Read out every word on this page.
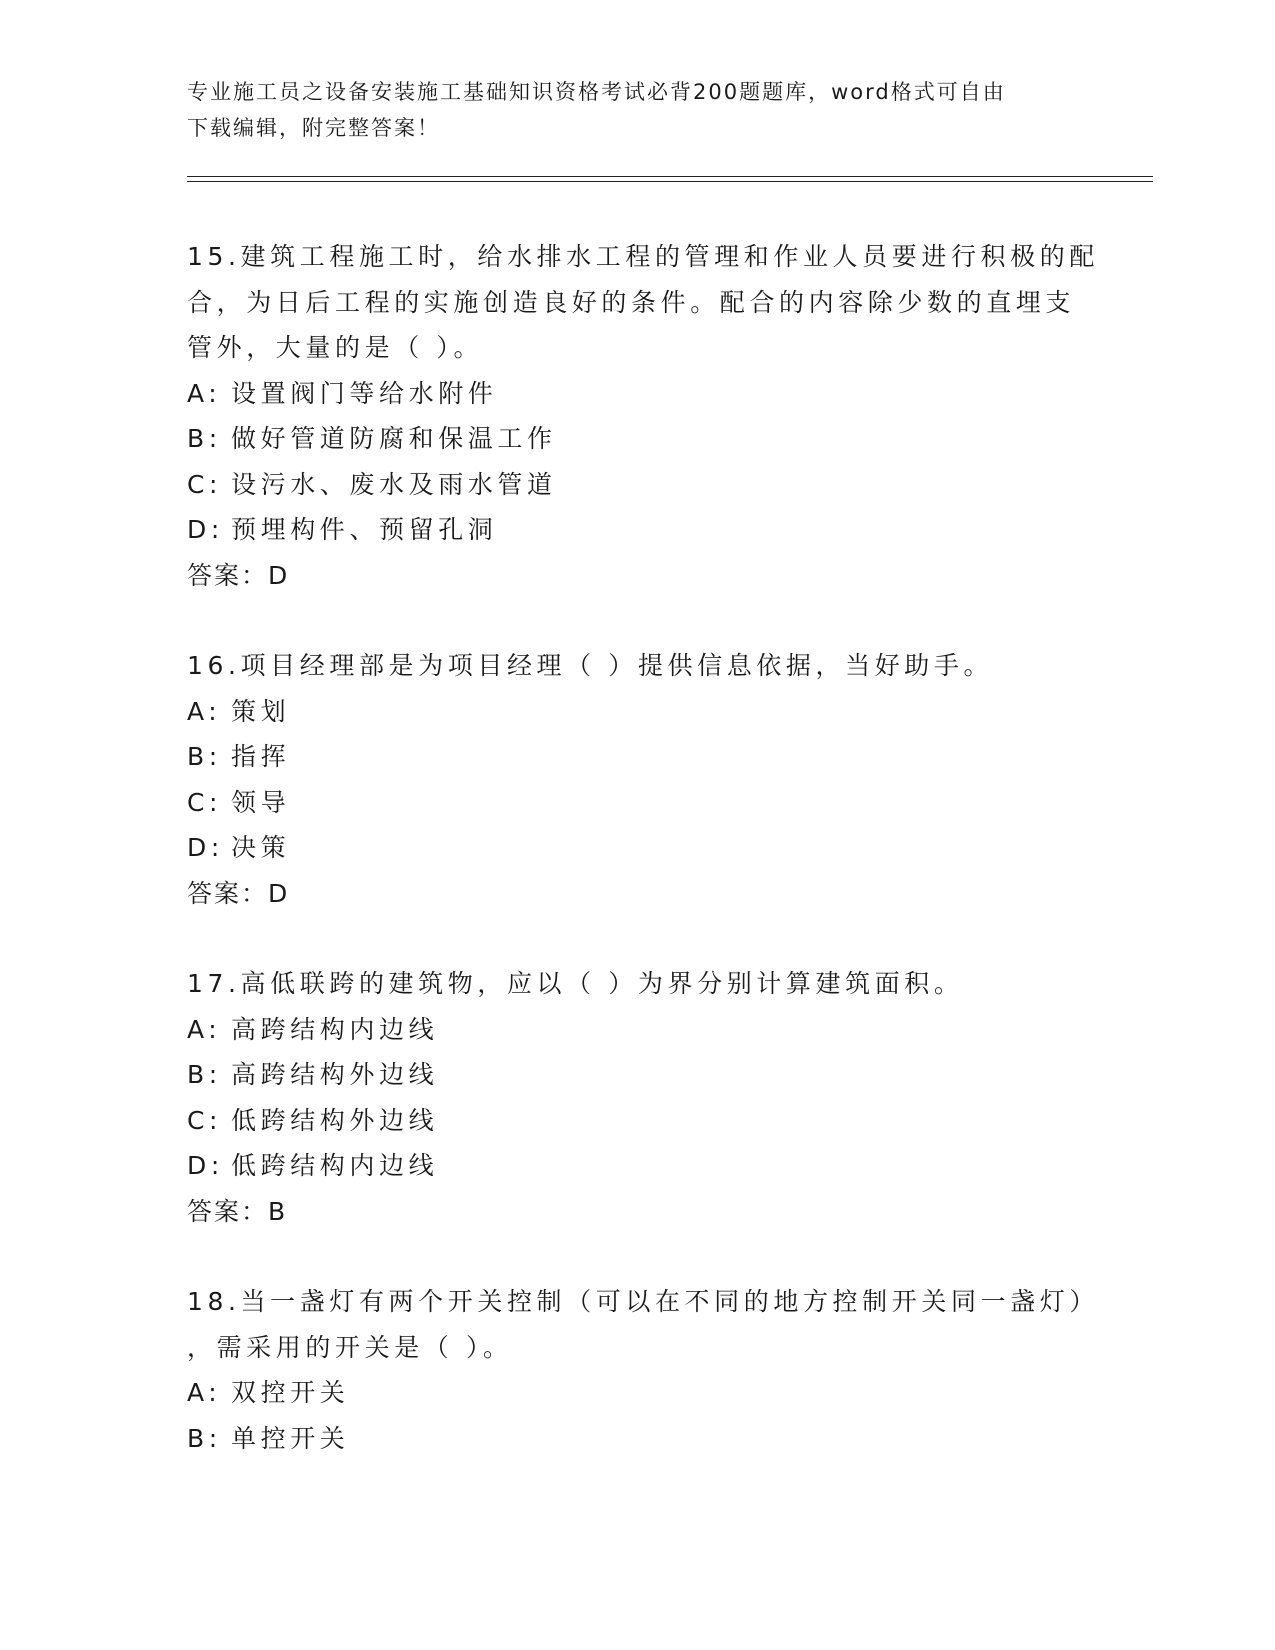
专业施工员之设备安装施工基础知识资格考试必背200题题库，word格式可自由
下载编辑，附完整答案！
15.建筑工程施工时，给水排水工程的管理和作业人员要进行积极的配
合，为日后工程的实施创造良好的条件。配合的内容除少数的直埋支
管外，大量的是（ ）。
A: 设置阀门等给水附件
B: 做好管道防腐和保温工作
C: 设污水、废水及雨水管道
D: 预埋构件、预留孔洞
答案：D
16.项目经理部是为项目经理（ ）提供信息依据，当好助手。
A: 策划
B: 指挥
C: 领导
D: 决策
答案：D
17.高低联跨的建筑物，应以（ ）为界分别计算建筑面积。
A: 高跨结构内边线
B: 高跨结构外边线
C: 低跨结构外边线
D: 低跨结构内边线
答案：B
18.当一盏灯有两个开关控制（可以在不同的地方控制开关同一盏灯）
，需采用的开关是（ ）。
A: 双控开关
B: 单控开关
